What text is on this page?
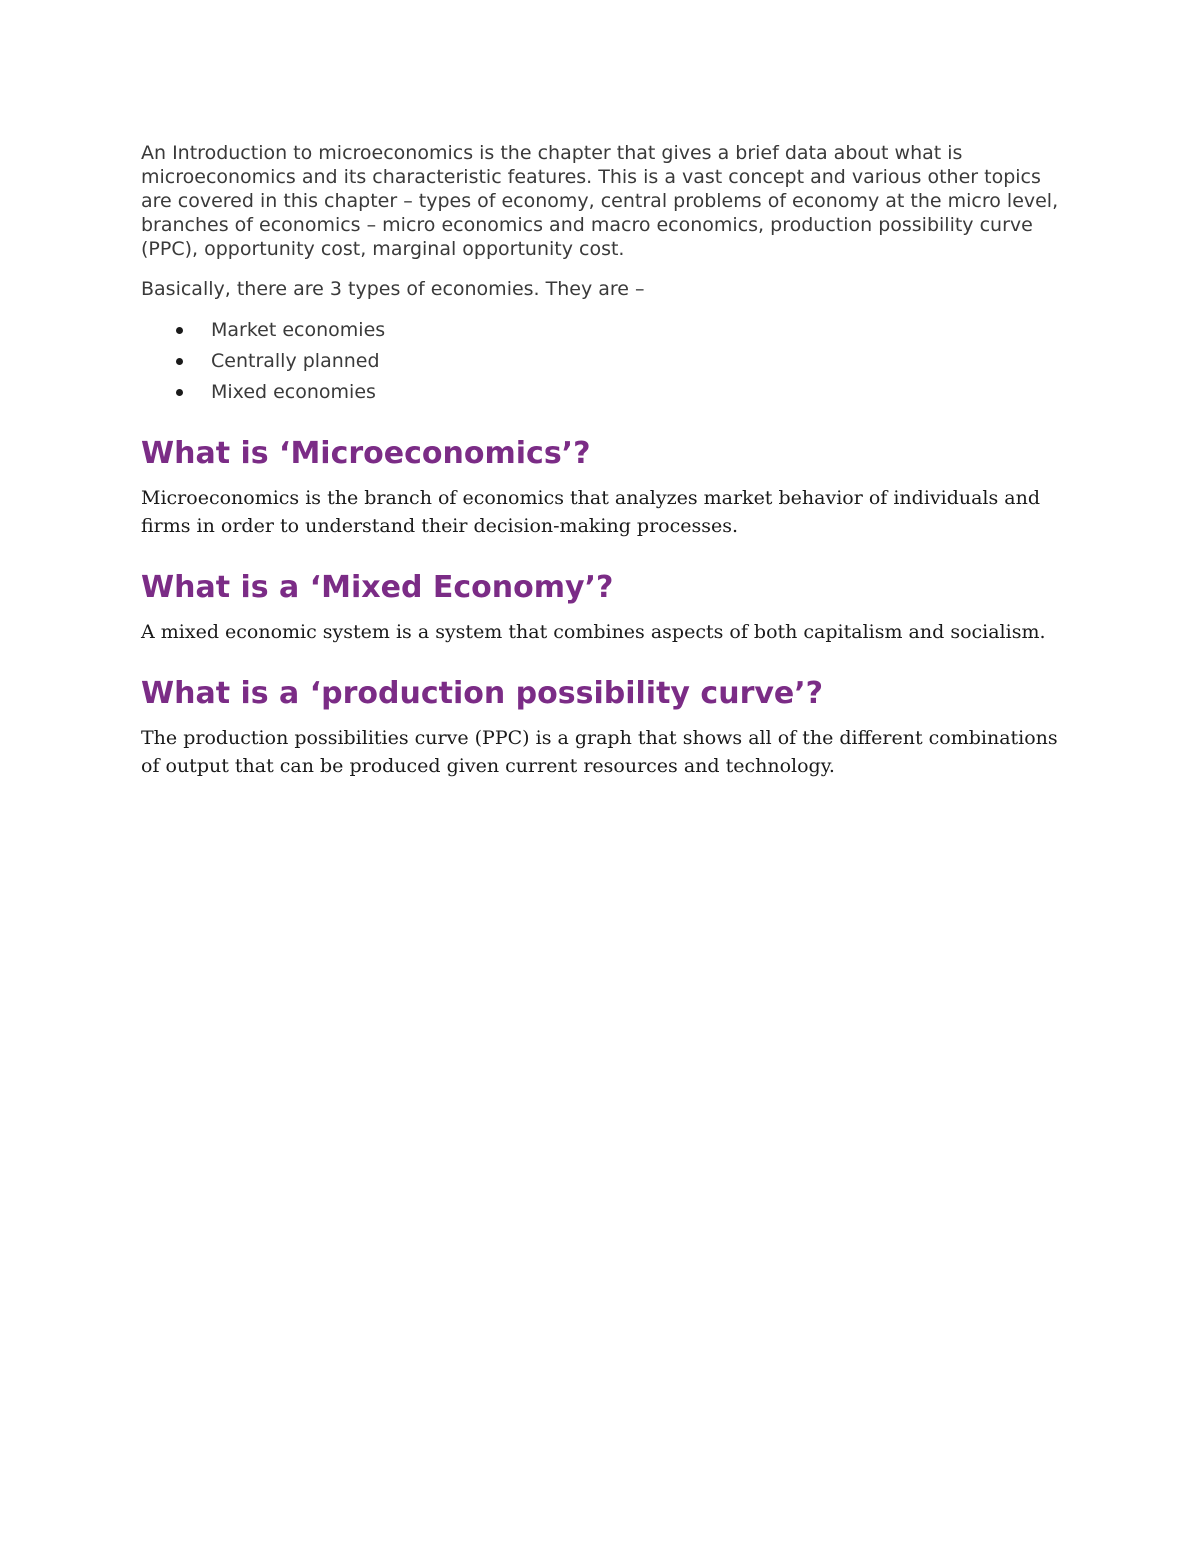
An Introduction to microeconomics is the chapter that gives a brief data about what is microeconomics and its characteristic features. This is a vast concept and various other topics are covered in this chapter – types of economy, central problems of economy at the micro level, branches of economics – micro economics and macro economics, production possibility curve (PPC), opportunity cost, marginal opportunity cost.

Basically, there are 3 types of economies. They are –

Market economies
Centrally planned
Mixed economies
What is ‘Microeconomics’?

Microeconomics is the branch of economics that analyzes market behavior of individuals and firms in order to understand their decision-making processes.

What is a ‘Mixed Economy’?

A mixed economic system is a system that combines aspects of both capitalism and socialism.

What is a ‘production possibility curve’?

The production possibilities curve (PPC) is a graph that shows all of the different combinations of output that can be produced given current resources and technology.
